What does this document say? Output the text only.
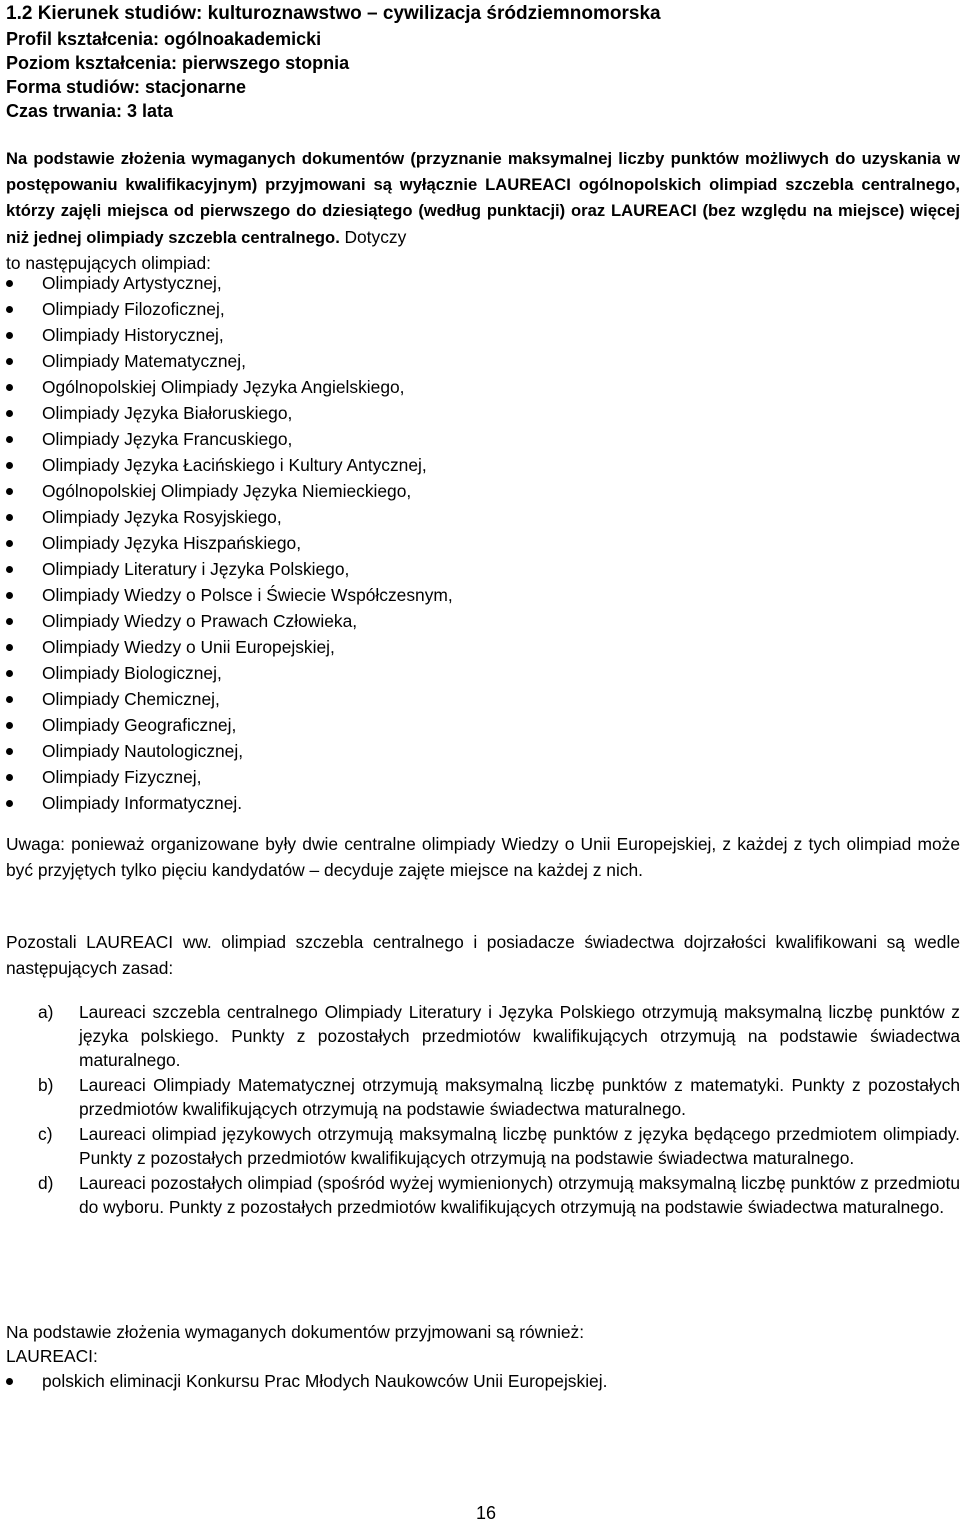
1.2 Kierunek studiów: kulturoznawstwo – cywilizacja śródziemnomorska
Profil kształcenia: ogólnoakademicki
Poziom kształcenia: pierwszego stopnia
Forma studiów: stacjonarne
Czas trwania: 3 lata
Na podstawie złożenia wymaganych dokumentów (przyznanie maksymalnej liczby punktów możliwych do uzyskania w postępowaniu kwalifikacyjnym) przyjmowani są wyłącznie LAUREACI ogólnopolskich olimpiad szczebla centralnego, którzy zajęli miejsca od pierwszego do dziesiątego (według punktacji) oraz LAUREACI (bez względu na miejsce) więcej niż jednej olimpiady szczebla centralnego. Dotyczy
to następujących olimpiad:
Olimpiady Artystycznej,
Olimpiady Filozoficznej,
Olimpiady Historycznej,
Olimpiady Matematycznej,
Ogólnopolskiej Olimpiady Języka Angielskiego,
Olimpiady Języka Białoruskiego,
Olimpiady Języka Francuskiego,
Olimpiady Języka Łacińskiego i Kultury Antycznej,
Ogólnopolskiej Olimpiady Języka Niemieckiego,
Olimpiady Języka Rosyjskiego,
Olimpiady Języka Hiszpańskiego,
Olimpiady Literatury i Języka Polskiego,
Olimpiady Wiedzy o Polsce i Świecie Współczesnym,
Olimpiady Wiedzy o Prawach Człowieka,
Olimpiady Wiedzy o Unii Europejskiej,
Olimpiady Biologicznej,
Olimpiady Chemicznej,
Olimpiady Geograficznej,
Olimpiady Nautologicznej,
Olimpiady Fizycznej,
Olimpiady Informatycznej.
Uwaga: ponieważ organizowane były dwie centralne olimpiady Wiedzy o Unii Europejskiej, z każdej z tych olimpiad może być przyjętych tylko pięciu kandydatów – decyduje zajęte miejsce na każdej z nich.
Pozostali LAUREACI ww. olimpiad szczebla centralnego i posiadacze świadectwa dojrzałości kwalifikowani są wedle następujących zasad:
a) Laureaci szczebla centralnego Olimpiady Literatury i Języka Polskiego otrzymują maksymalną liczbę punktów z języka polskiego. Punkty z pozostałych przedmiotów kwalifikujących otrzymują na podstawie świadectwa maturalnego.
b) Laureaci Olimpiady Matematycznej otrzymują maksymalną liczbę punktów z matematyki. Punkty z pozostałych przedmiotów kwalifikujących otrzymują na podstawie świadectwa maturalnego.
c) Laureaci olimpiad językowych otrzymują maksymalną liczbę punktów z języka będącego przedmiotem olimpiady. Punkty z pozostałych przedmiotów kwalifikujących otrzymują na podstawie świadectwa maturalnego.
d) Laureaci pozostałych olimpiad (spośród wyżej wymienionych) otrzymują maksymalną liczbę punktów z przedmiotu do wyboru. Punkty z pozostałych przedmiotów kwalifikujących otrzymują na podstawie świadectwa maturalnego.
Na podstawie złożenia wymaganych dokumentów przyjmowani są również:
LAUREACI:
polskich eliminacji Konkursu Prac Młodych Naukowców Unii Europejskiej.
16
